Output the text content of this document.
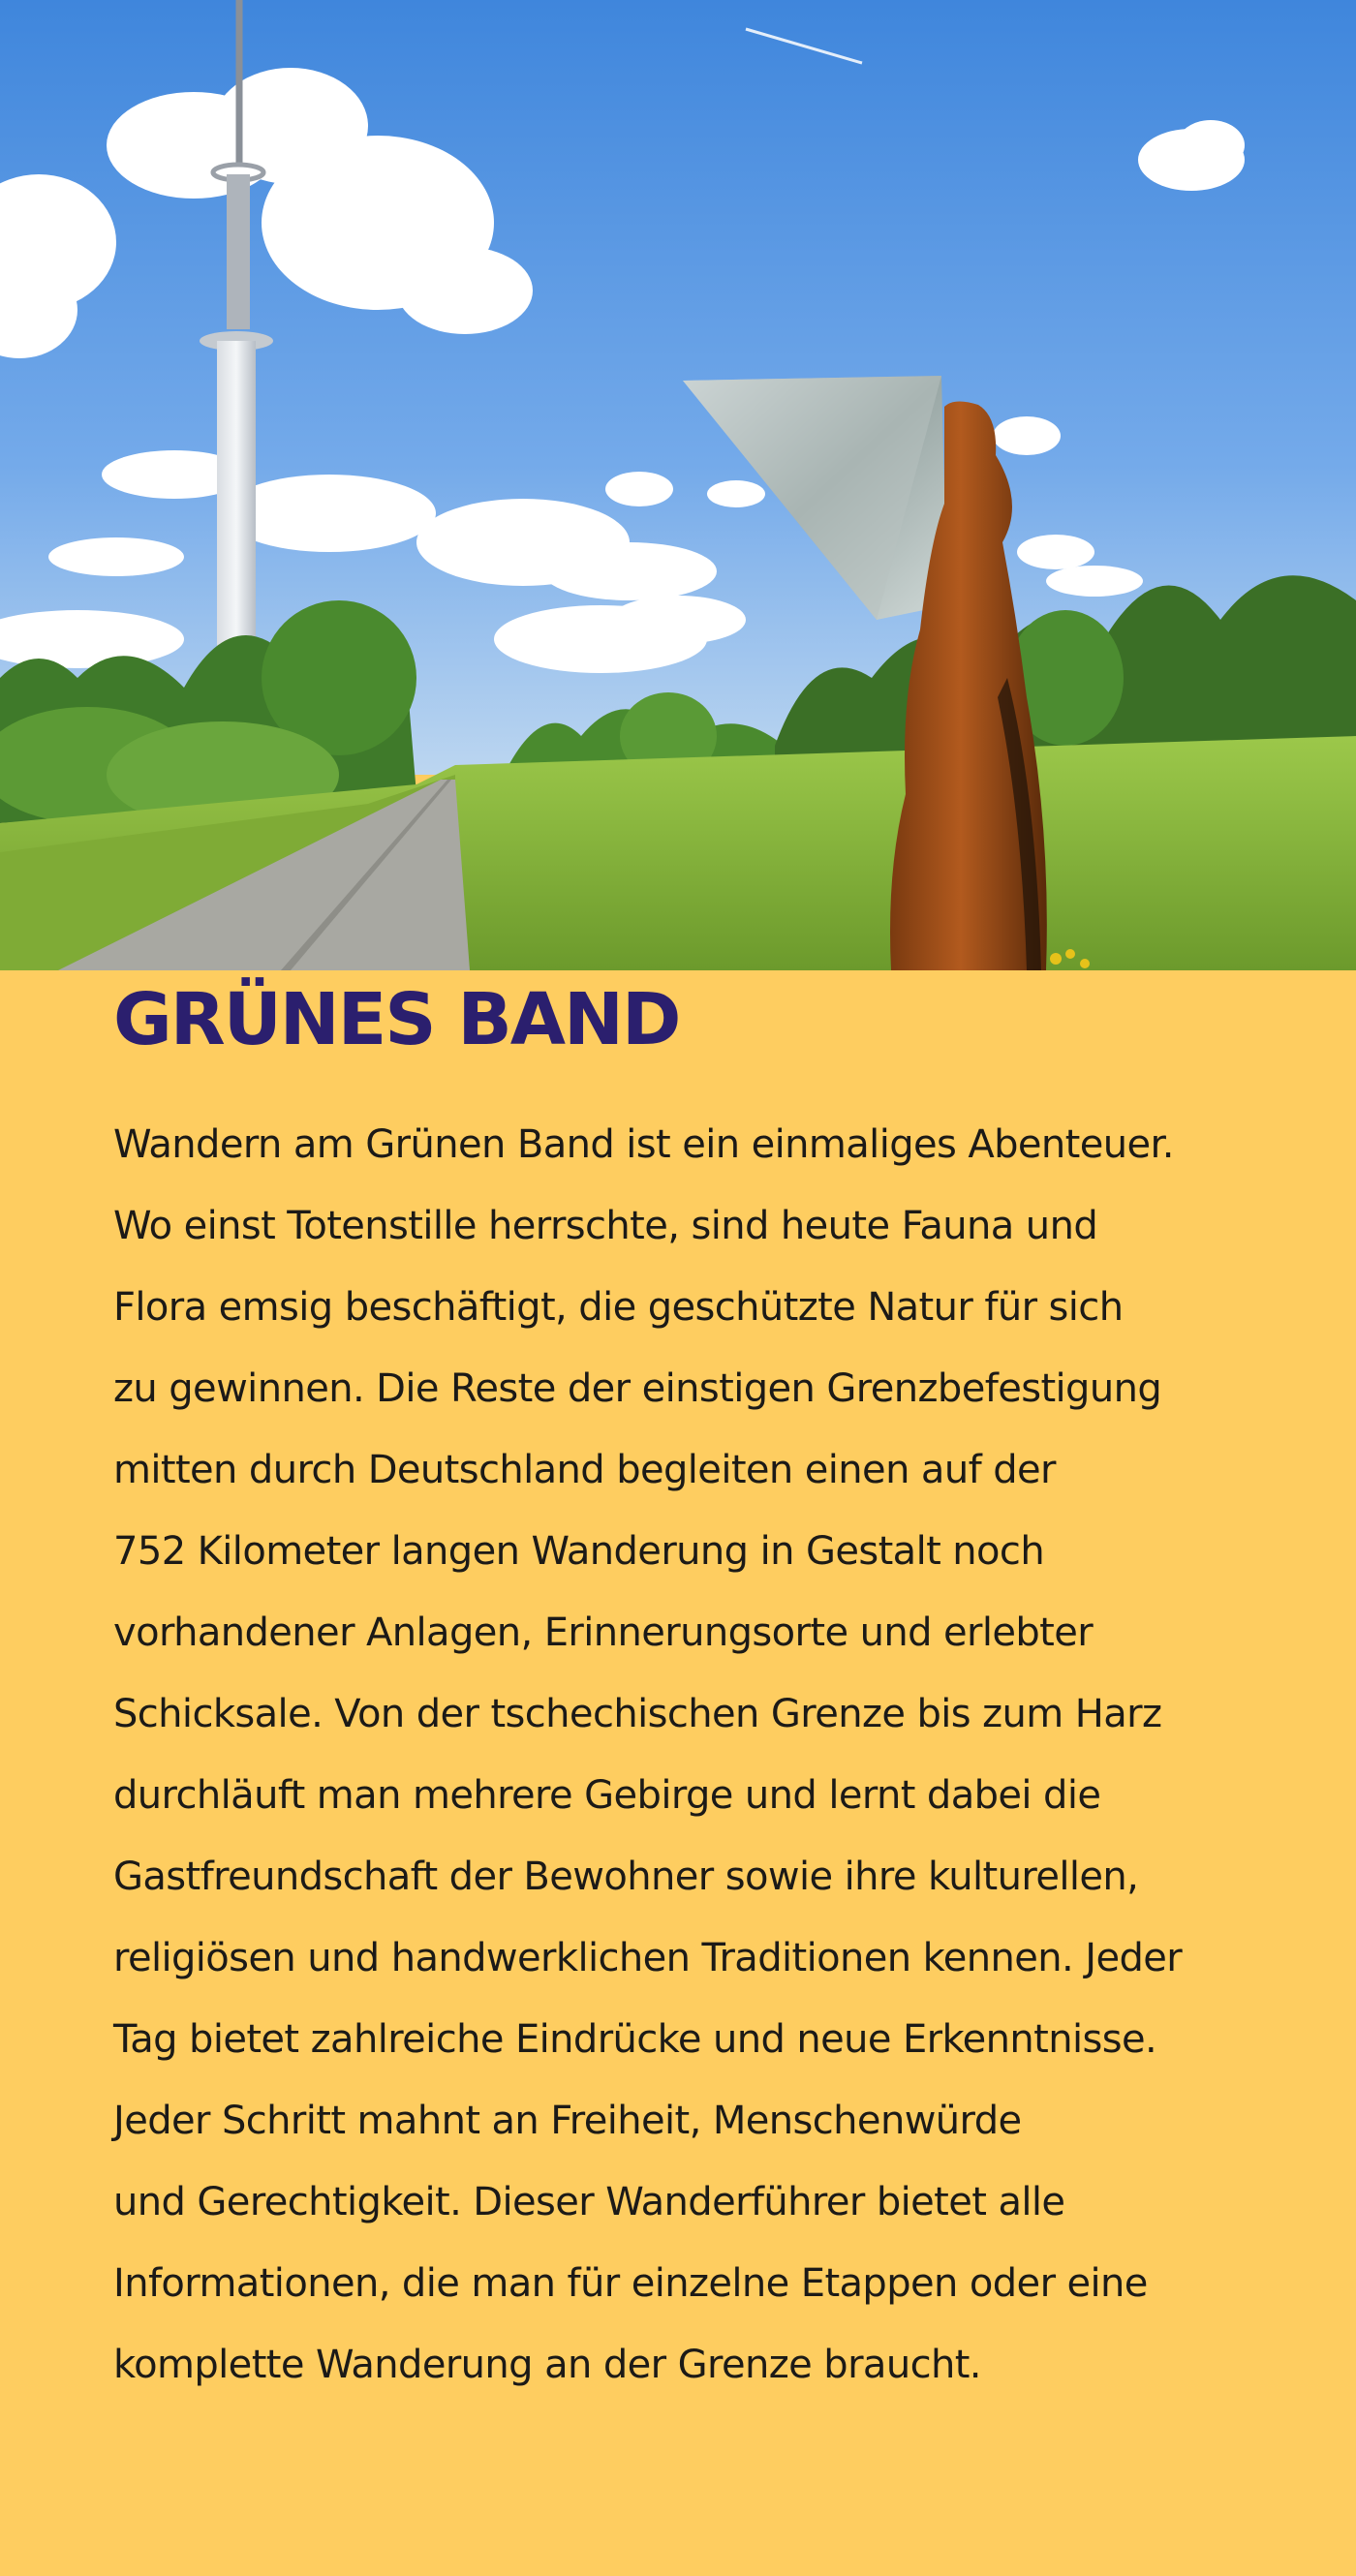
GRÜNES BAND

Wandern am Grünen Band ist ein einmaliges Abenteuer.
Wo einst Totenstille herrschte, sind heute Fauna und
Flora emsig beschäftigt, die geschützte Natur für sich
zu gewinnen. Die Reste der einstigen Grenzbefestigung
mitten durch Deutschland begleiten einen auf der
752 Kilometer langen Wanderung in Gestalt noch
vorhandener Anlagen, Erinnerungsorte und erlebter
Schicksale. Von der tschechischen Grenze bis zum Harz
durchläuft man mehrere Gebirge und lernt dabei die
Gastfreundschaft der Bewohner sowie ihre kulturellen,
religiösen und handwerklichen Traditionen kennen. Jeder
Tag bietet zahlreiche Eindrücke und neue Erkenntnisse.
Jeder Schritt mahnt an Freiheit, Menschenwürde
und Gerechtigkeit. Dieser Wanderführer bietet alle
Informationen, die man für einzelne Etappen oder eine
komplette Wanderung an der Grenze braucht.
